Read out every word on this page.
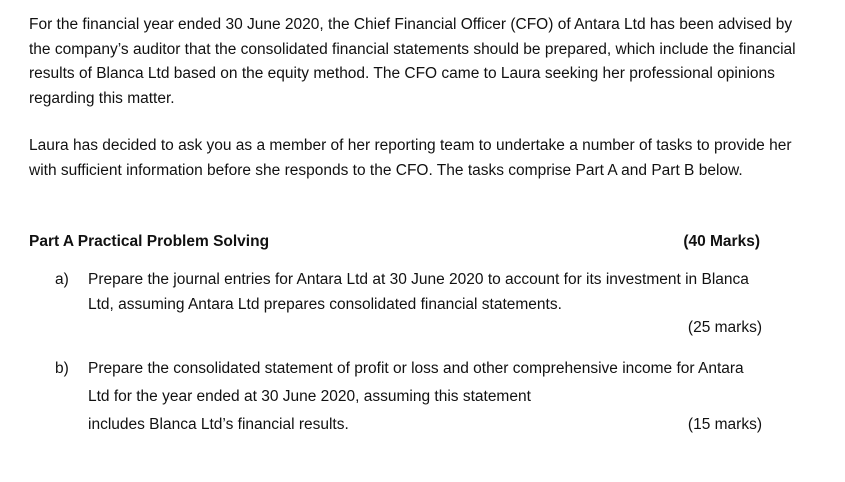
For the financial year ended 30 June 2020, the Chief Financial Officer (CFO) of Antara Ltd has been advised by the company’s auditor that the consolidated financial statements should be prepared, which include the financial results of Blanca Ltd based on the equity method. The CFO came to Laura seeking her professional opinions regarding this matter.

Laura has decided to ask you as a member of her reporting team to undertake a number of tasks to provide her with sufficient information before she responds to the CFO. The tasks comprise Part A and Part B below.

Part A Practical Problem Solving	(40 Marks)
a) Prepare the journal entries for Antara Ltd at 30 June 2020 to account for its investment in Blanca Ltd, assuming Antara Ltd prepares consolidated financial statements.
(25 marks)
b) Prepare the consolidated statement of profit or loss and other comprehensive income for Antara Ltd for the year ended at 30 June 2020, assuming this statement
includes Blanca Ltd’s financial results.	(15 marks)
